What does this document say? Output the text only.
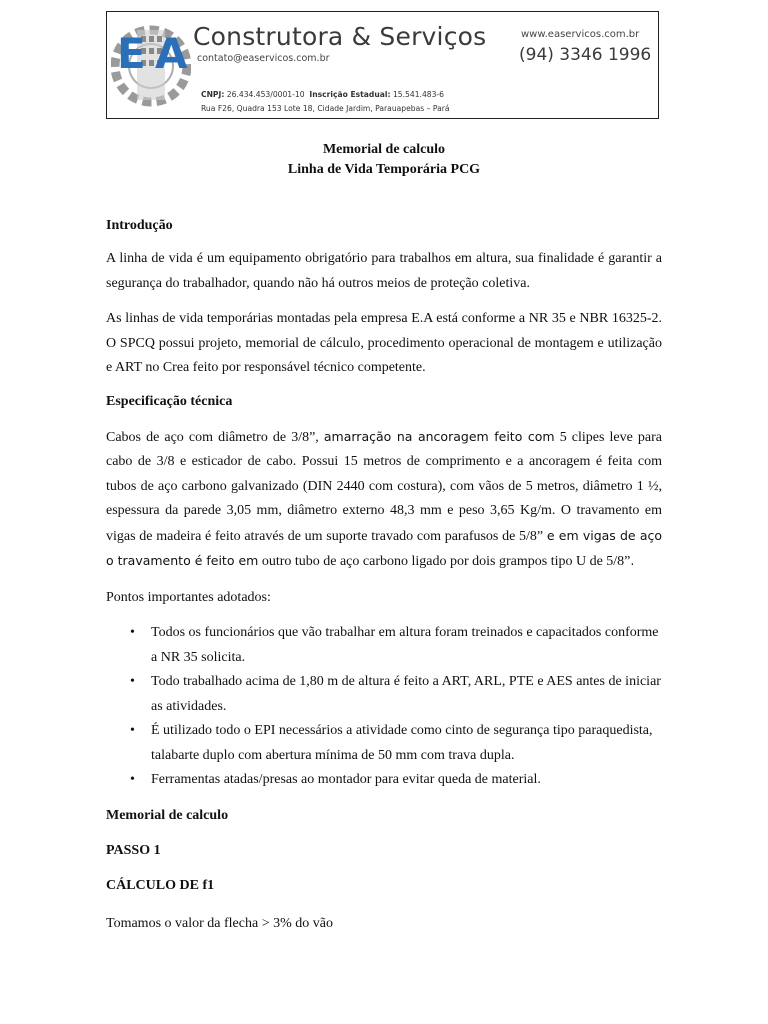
E A Construtora & Serviços
contato@easervicos.com.br
www.easervicos.com.br
(94) 3346 1996
CNPJ: 26.434.453/0001-10 Inscrição Estadual: 15.541.483-6
Rua F26, Quadra 153 Lote 18, Cidade Jardim, Parauapebas – Pará
Memorial de calculo
Linha de Vida Temporária PCG

Introdução

A linha de vida é um equipamento obrigatório para trabalhos em altura, sua finalidade é garantir a segurança do trabalhador, quando não há outros meios de proteção coletiva.

As linhas de vida temporárias montadas pela empresa E.A está conforme a NR 35 e NBR 16325-2. O SPCQ possui projeto, memorial de cálculo, procedimento operacional de montagem e utilização e ART no Crea feito por responsável técnico competente.

Especificação técnica

Cabos de aço com diâmetro de 3/8”, amarração na ancoragem feito com 5 clipes leve para cabo de 3/8 e esticador de cabo. Possui 15 metros de comprimento e a ancoragem é feita com tubos de aço carbono galvanizado (DIN 2440 com costura), com vãos de 5 metros, diâmetro 1 ½, espessura da parede 3,05 mm, diâmetro externo 48,3 mm e peso 3,65 Kg/m. O travamento em vigas de madeira é feito através de um suporte travado com parafusos de 5/8” e em vigas de aço o travamento é feito em outro tubo de aço carbono ligado por dois grampos tipo U de 5/8”.

Pontos importantes adotados:

• Todos os funcionários que vão trabalhar em altura foram treinados e capacitados conforme a NR 35 solicita.
• Todo trabalhado acima de 1,80 m de altura é feito a ART, ARL, PTE e AES antes de iniciar as atividades.
• É utilizado todo o EPI necessários a atividade como cinto de segurança tipo paraquedista, talabarte duplo com abertura mínima de 50 mm com trava dupla.
• Ferramentas atadas/presas ao montador para evitar queda de material.

Memorial de calculo

PASSO 1

CÁLCULO DE f1

Tomamos o valor da flecha > 3% do vão
